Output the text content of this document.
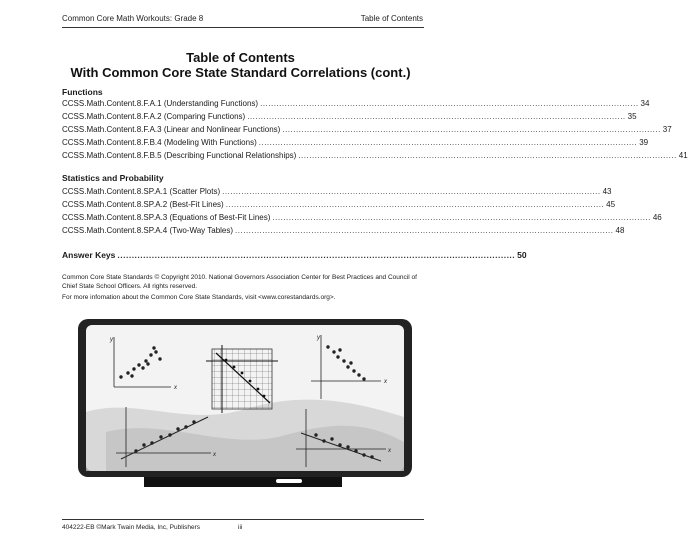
Common Core Math Workouts: Grade 8	Table of Contents
Table of Contents
With Common Core State Standard Correlations (cont.)
Functions
CCSS.Math.Content.8.F.A.1 (Understanding Functions) ........................................................................................................................................... 34
CCSS.Math.Content.8.F.A.2 (Comparing Functions) ........................................................................................................................................... 35
CCSS.Math.Content.8.F.A.3 (Linear and Nonlinear Functions) ........................................................................................................................................... 37
CCSS.Math.Content.8.F.B.4 (Modeling With Functions) ........................................................................................................................................... 39
CCSS.Math.Content.8.F.B.5 (Describing Functional Relationships) ........................................................................................................................................... 41
Statistics and Probability
CCSS.Math.Content.8.SP.A.1 (Scatter Plots) ........................................................................................................................................... 43
CCSS.Math.Content.8.SP.A.2 (Best-Fit Lines) ........................................................................................................................................... 45
CCSS.Math.Content.8.SP.A.3 (Equations of Best-Fit Lines) ........................................................................................................................................... 46
CCSS.Math.Content.8.SP.A.4 (Two-Way Tables) ........................................................................................................................................... 48
Answer Keys ........................................................................................................................................... 50
Common Core State Standards © Copyright 2010. National Governors Association Center for Best Practices and Council of Chief State School Officers. All rights reserved.
For more infomation about the Common Core State Standards, visit <www.corestandards.org>.
y
x
y
x
x
x
404222-EB ©Mark Twain Media, Inc, Publishers	iii
